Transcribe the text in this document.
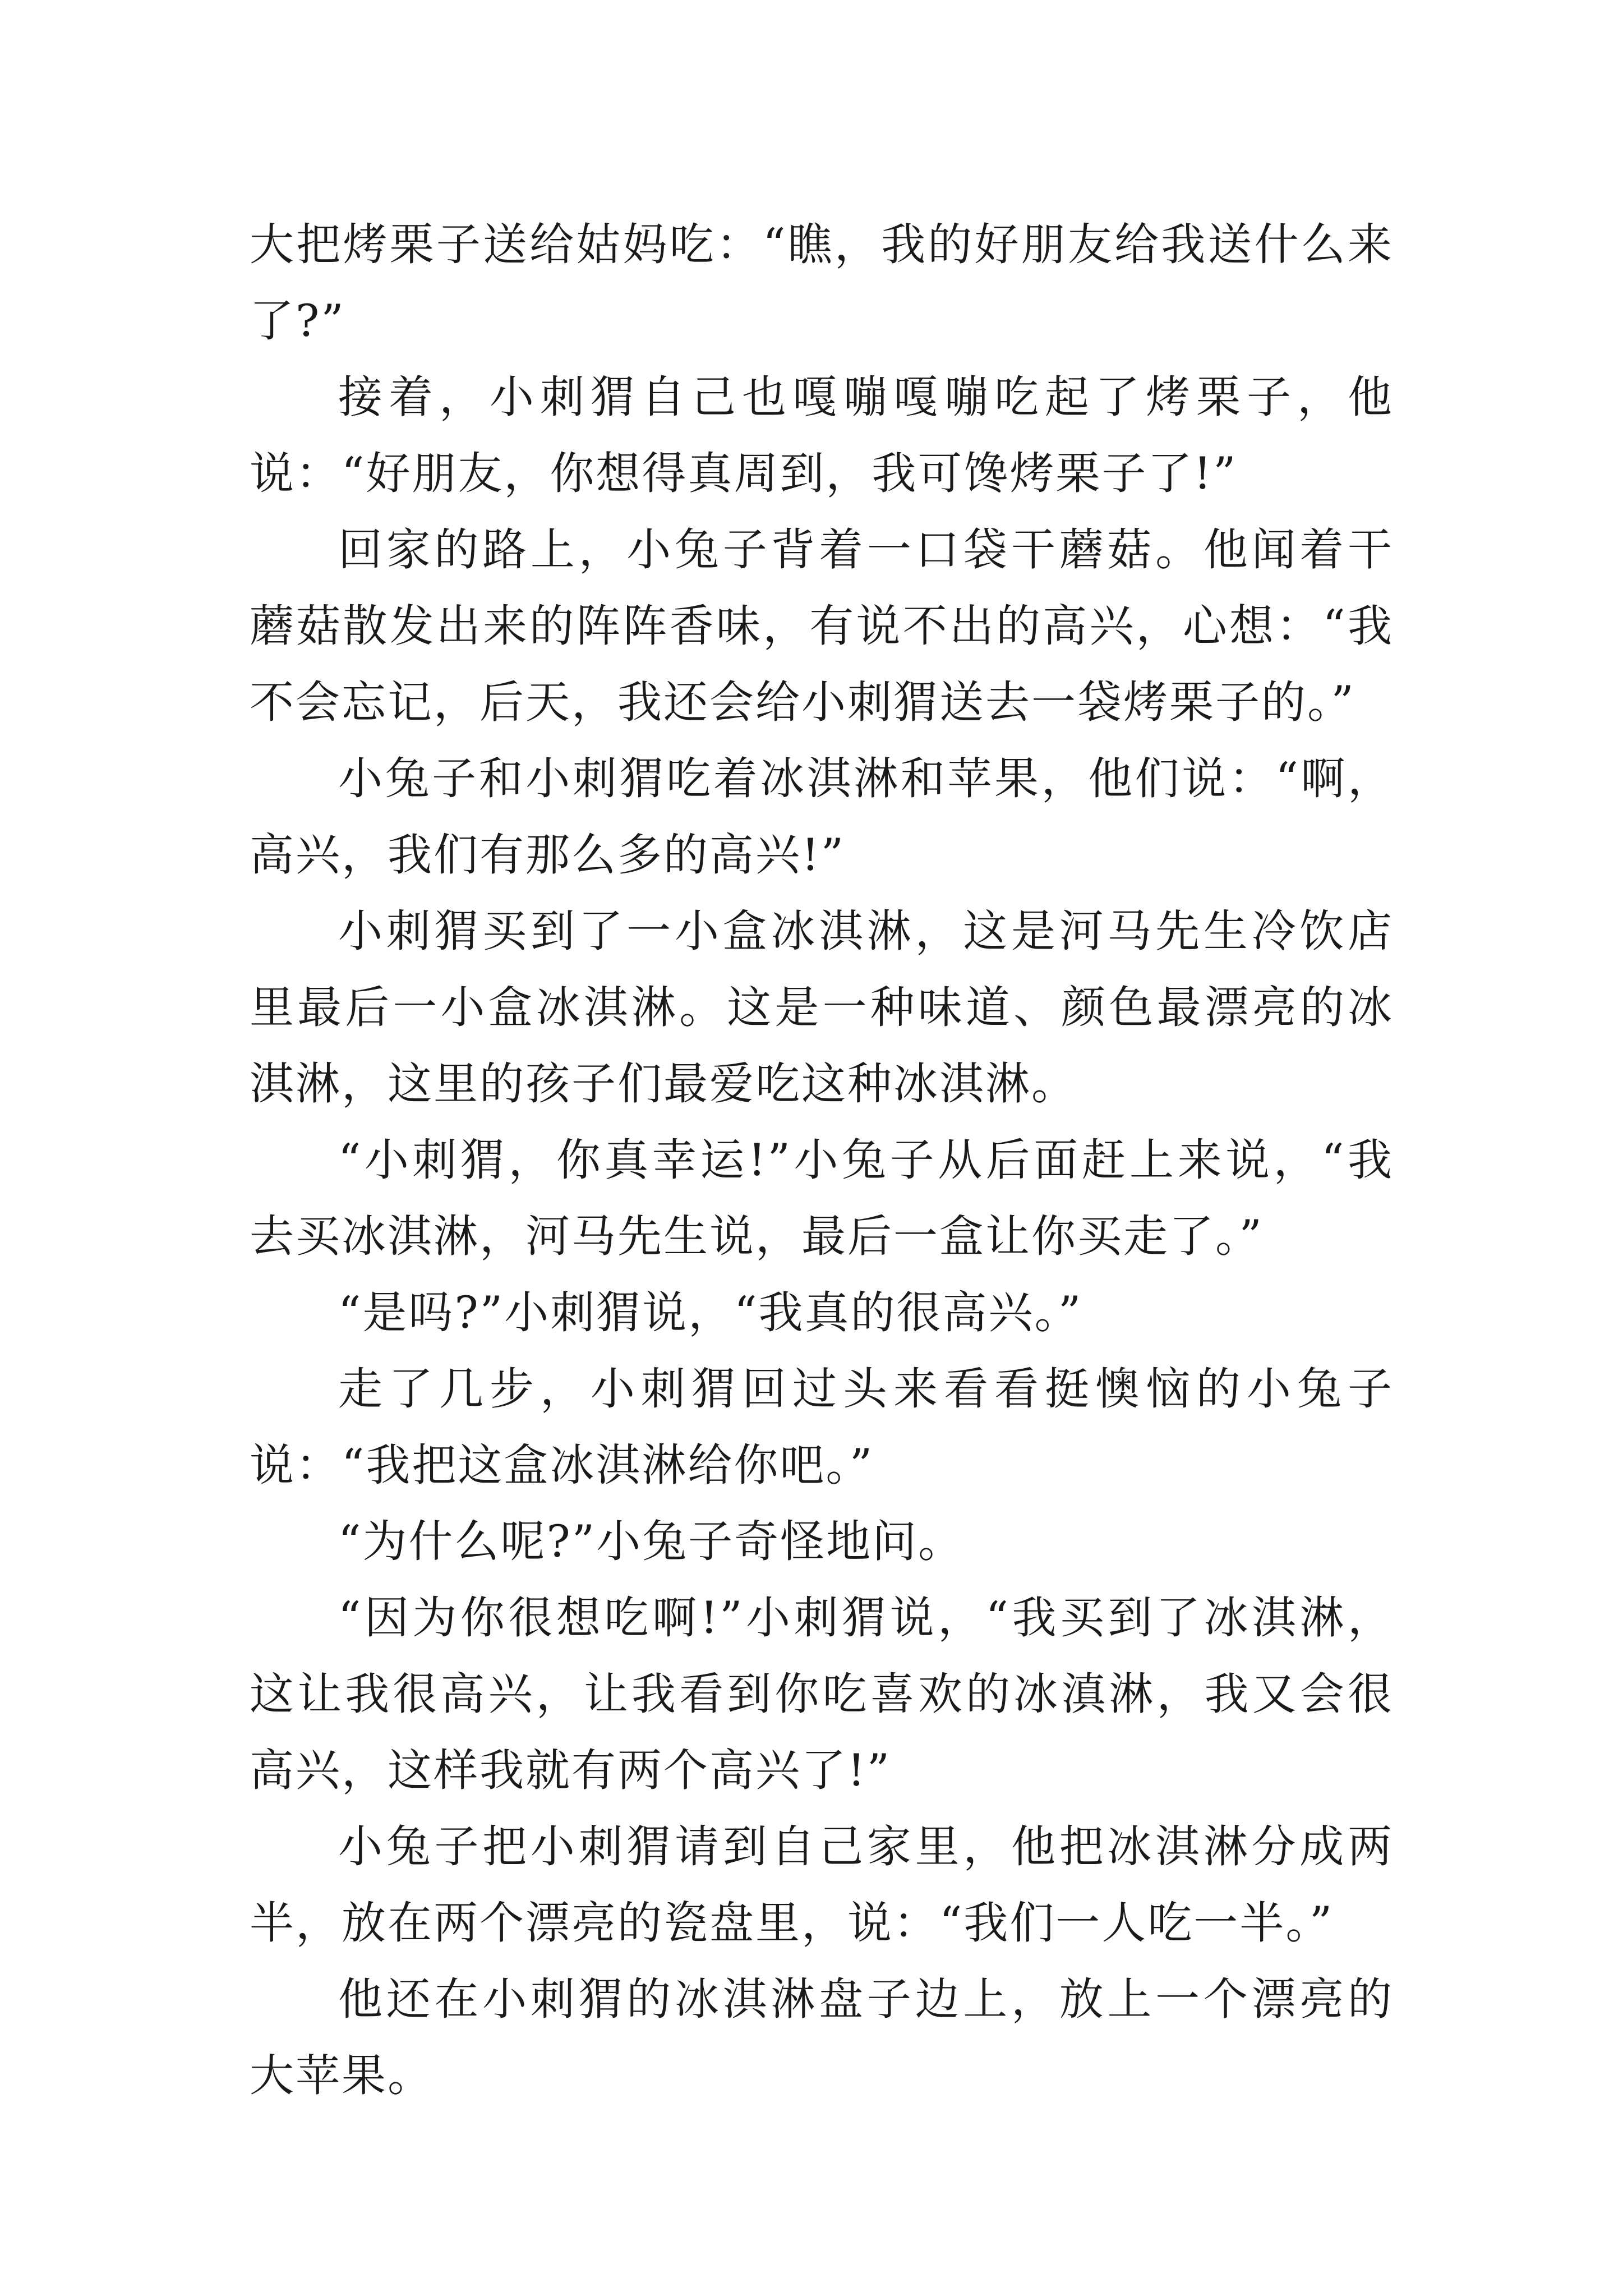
大把烤栗子送给姑妈吃：“瞧，我的好朋友给我送什么来了?”

接着，小刺猬自己也嘎嘣嘎嘣吃起了烤栗子，他说：“好朋友，你想得真周到，我可馋烤栗子了!”

回家的路上，小兔子背着一口袋干蘑菇。他闻着干蘑菇散发出来的阵阵香味，有说不出的高兴，心想：“我不会忘记，后天，我还会给小刺猬送去一袋烤栗子的。”

小兔子和小刺猬吃着冰淇淋和苹果，他们说：“啊，高兴，我们有那么多的高兴!”

小刺猬买到了一小盒冰淇淋，这是河马先生冷饮店里最后一小盒冰淇淋。这是一种味道、颜色最漂亮的冰淇淋，这里的孩子们最爱吃这种冰淇淋。

“小刺猬，你真幸运!”小兔子从后面赶上来说，“我去买冰淇淋，河马先生说，最后一盒让你买走了。”

“是吗?”小刺猬说，“我真的很高兴。”

走了几步，小刺猬回过头来看看挺懊恼的小兔子说：“我把这盒冰淇淋给你吧。”

“为什么呢?”小兔子奇怪地问。

“因为你很想吃啊!”小刺猬说，“我买到了冰淇淋，这让我很高兴，让我看到你吃喜欢的冰滇淋，我又会很高兴，这样我就有两个高兴了!”

小兔子把小刺猬请到自己家里，他把冰淇淋分成两半，放在两个漂亮的瓷盘里，说：“我们一人吃一半。”

他还在小刺猬的冰淇淋盘子边上，放上一个漂亮的大苹果。
